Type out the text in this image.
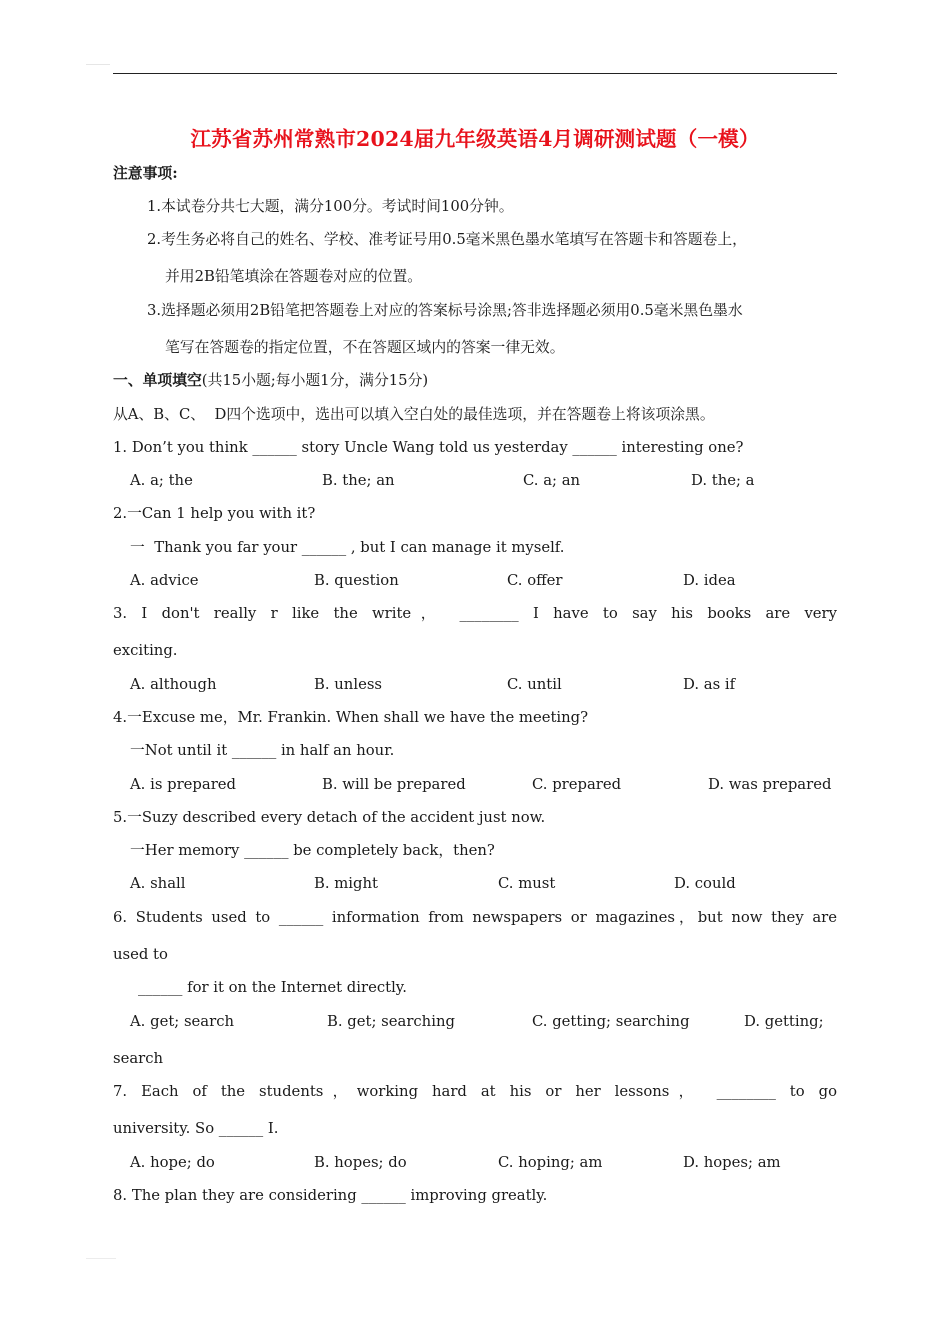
江苏省苏州常熟市2024届九年级英语4月调研测试题（一模）
注意事项:
1.本试卷分共七大题，满分100分。考试时间100分钟。
2.考生务必将自己的姓名、学校、准考证号用0.5毫米黑色墨水笔填写在答题卡和答题卷上，
并用2B铅笔填涂在答题卷对应的位置。
3.选择题必须用2B铅笔把答题卷上对应的答案标号涂黑;答非选择题必须用0.5毫米黑色墨水
笔写在答题卷的指定位置，不在答题区域内的答案一律无效。
一、单项填空(共15小题;每小题1分，满分15分)
从A、B、C、  D四个选项中，选出可以填入空白处的最佳选项，并在答题卷上将该项涂黑。
1. Don’t you think ______ story Uncle Wang told us yesterday ______ interesting one?
A. a; the	B. the; an	C. a; an	D. the; a
2.一Can 1 help you with it?
一  Thank you far your ______ , but I can manage it myself.
A. advice	B. question	C. offer	D. idea
3. I don't really r like the write， ________ I have to say his books are very
exciting.
A. although	B. unless	C. until	D. as if
4.一Excuse me，Mr. Frankin. When shall we have the meeting?
一Not until it ______ in half an hour.
A. is prepared	B. will be prepared	C. prepared	D. was prepared
5.一Suzy described every detach of the accident just now.
一Her memory ______ be completely back，then?
A. shall	B. might	C. must	D. could
6. Students used to ______ information from newspapers or magazines，but now they are
used to
______ for it on the Internet directly.
A. get; search	B. get; searching	C. getting; searching	D. getting;
search
7. Each of the students，working hard at his or her lessons， ________ to go
university. So ______ I.
A. hope; do	B. hopes; do	C. hoping; am	D. hopes; am
8. The plan they are considering ______ improving greatly.
